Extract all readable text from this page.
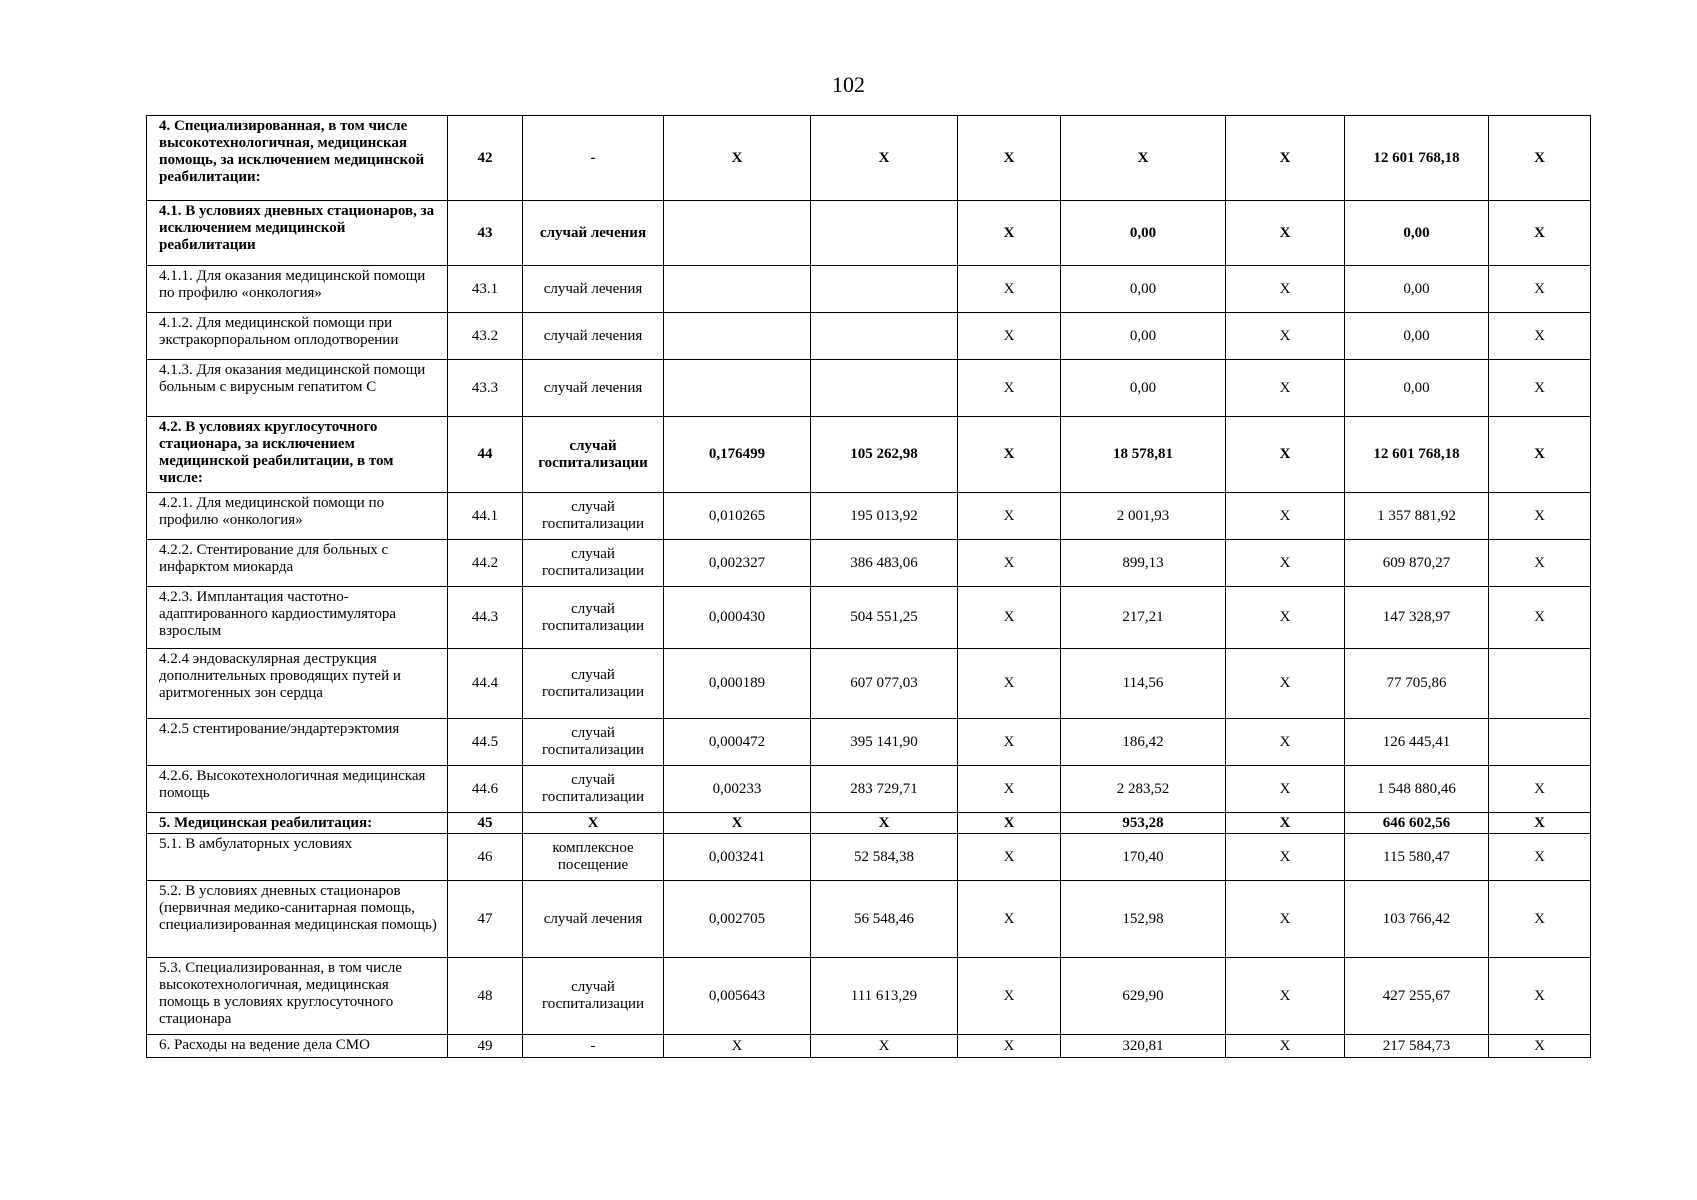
102
4. Специализированная, в том числе высокотехнологичная, медицинская помощь, за исключением медицинской реабилитации:	42	-	X	X	X	X	X	12 601 768,18	X
4.1. В условиях дневных стационаров, за исключением медицинской реабилитации	43	случай лечения			X	0,00	X	0,00	X
4.1.1. Для оказания медицинской помощи по профилю «онкология»	43.1	случай лечения			X	0,00	X	0,00	X
4.1.2. Для медицинской помощи при экстракорпоральном оплодотворении	43.2	случай лечения			X	0,00	X	0,00	X
4.1.3. Для оказания медицинской помощи больным с вирусным гепатитом С	43.3	случай лечения			X	0,00	X	0,00	X
4.2. В условиях круглосуточного стационара, за исключением медицинской реабилитации, в том числе:	44	случай госпитализации	0,176499	105 262,98	X	18 578,81	X	12 601 768,18	X
4.2.1. Для медицинской помощи по профилю «онкология»	44.1	случай госпитализации	0,010265	195 013,92	X	2 001,93	X	1 357 881,92	X
4.2.2. Стентирование для больных с инфарктом миокарда	44.2	случай госпитализации	0,002327	386 483,06	X	899,13	X	609 870,27	X
4.2.3. Имплантация частотно-адаптированного кардиостимулятора взрослым	44.3	случай госпитализации	0,000430	504 551,25	X	217,21	X	147 328,97	X
4.2.4 эндоваскулярная деструкция дополнительных проводящих путей и аритмогенных зон сердца	44.4	случай госпитализации	0,000189	607 077,03	X	114,56	X	77 705,86	
4.2.5 стентирование/эндартерэктомия	44.5	случай госпитализации	0,000472	395 141,90	X	186,42	X	126 445,41	
4.2.6. Высокотехнологичная медицинская помощь	44.6	случай госпитализации	0,00233	283 729,71	X	2 283,52	X	1 548 880,46	X
5. Медицинская реабилитация:	45	X	X	X	X	953,28	X	646 602,56	X
5.1. В амбулаторных условиях	46	комплексное посещение	0,003241	52 584,38	X	170,40	X	115 580,47	X
5.2. В условиях дневных стационаров (первичная медико-санитарная помощь, специализированная медицинская помощь)	47	случай лечения	0,002705	56 548,46	X	152,98	X	103 766,42	X
5.3. Специализированная, в том числе высокотехнологичная, медицинская помощь в условиях круглосуточного стационара	48	случай госпитализации	0,005643	111 613,29	X	629,90	X	427 255,67	X
6. Расходы на ведение дела СМО	49	-	X	X	X	320,81	X	217 584,73	X
